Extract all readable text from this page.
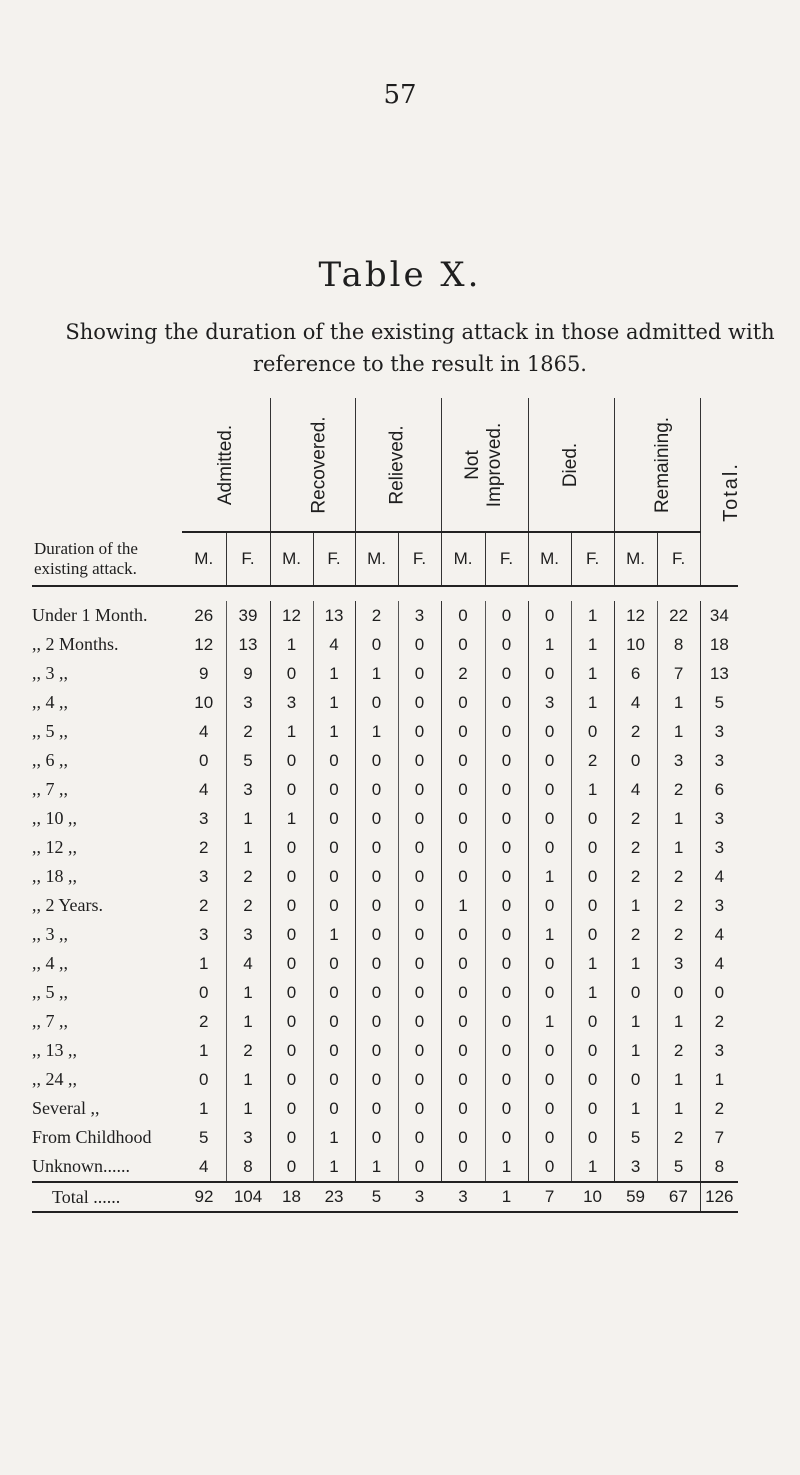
57
Table X.
Showing the duration of the existing attack in those admitted with
reference to the result in 1865.
	Admitted.		Recovered.		Relieved.		Not
Improved.		Died.		Remaining.		Total.
Duration of the
existing attack.	M.	F.	M.	F.	M.	F.	M.	F.	M.	F.	M.	F.	

Under 1 Month.	26	39	12	13	2	3	0	0	0	1	12	22	34
,, 2 Months.	12	13	1	4	0	0	0	0	1	1	10	8	18
,, 3 ,,	9	9	0	1	1	0	2	0	0	1	6	7	13
,, 4 ,,	10	3	3	1	0	0	0	0	3	1	4	1	5
,, 5 ,,	4	2	1	1	1	0	0	0	0	0	2	1	3
,, 6 ,,	0	5	0	0	0	0	0	0	0	2	0	3	3
,, 7 ,,	4	3	0	0	0	0	0	0	0	1	4	2	6
,, 10 ,,	3	1	1	0	0	0	0	0	0	0	2	1	3
,, 12 ,,	2	1	0	0	0	0	0	0	0	0	2	1	3
,, 18 ,,	3	2	0	0	0	0	0	0	1	0	2	2	4
,, 2 Years.	2	2	0	0	0	0	1	0	0	0	1	2	3
,, 3 ,,	3	3	0	1	0	0	0	0	1	0	2	2	4
,, 4 ,,	1	4	0	0	0	0	0	0	0	1	1	3	4
,, 5 ,,	0	1	0	0	0	0	0	0	0	1	0	0	0
,, 7 ,,	2	1	0	0	0	0	0	0	1	0	1	1	2
,, 13 ,,	1	2	0	0	0	0	0	0	0	0	1	2	3
,, 24 ,,	0	1	0	0	0	0	0	0	0	0	0	1	1
Several ,,	1	1	0	0	0	0	0	0	0	0	1	1	2
From Childhood	5	3	0	1	0	0	0	0	0	0	5	2	7
Unknown......	4	8	0	1	1	0	0	1	0	1	3	5	8
Total ......	92	104	18	23	5	3	3	1	7	10	59	67	126
